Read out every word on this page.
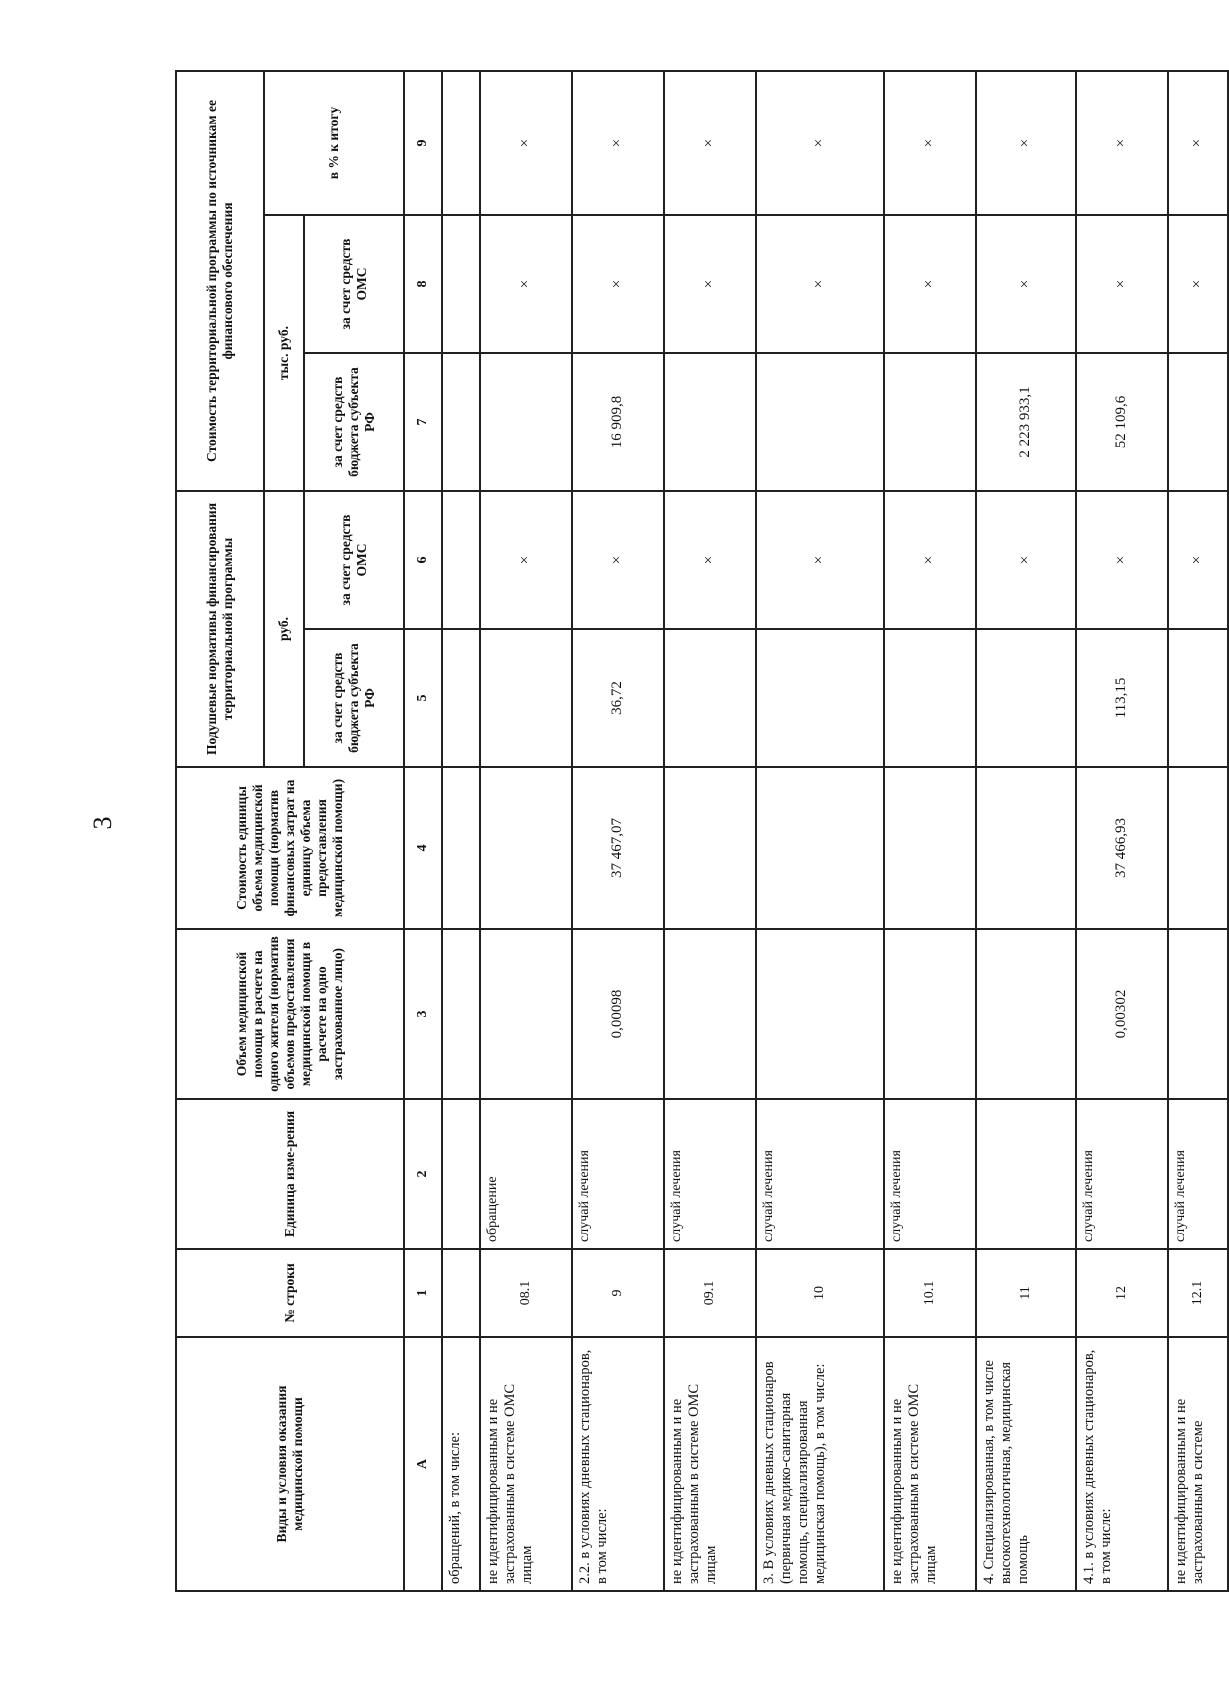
3
Виды и условия оказания медицинской помощи	№ строки	Единица изме-рения	Объем медицинской помощи в расчете на одного жителя (норматив объемов предоставления медицинской помощи в расчете на одно застрахованное лицо)	Стоимость единицы объема медицинской помощи (норматив финансовых затрат на единицу объема предоставления медицинской помощи)	Подушевые нормативы финансирования территориальной программы		Стоимость территориальной программы по источникам ее финансового обеспечения		
					руб.		тыс. руб.		в % к итогу
					за счет средств бюджета субъекта РФ	за счет средств ОМС	за счет средств бюджета субъекта РФ	за счет средств ОМС	
А	1	2	3	4	5	6	7	8	9
обращений, в том числе:									
не идентифицированным и не застрахованным в системе ОМС лицам	08.1	обращение				×		×	×
2.2. в условиях дневных стационаров, в том числе:	9	случай лечения	0,00098	37 467,07	36,72	×	16 909,8	×	×
не идентифицированным и не застрахованным в системе ОМС лицам	09.1	случай лечения				×		×	×
3. В условиях дневных стационаров (первичная медико-санитарная помощь, специализированная медицинская помощь), в том числе:	10	случай лечения				×		×	×
не идентифицированным и не застрахованным в системе ОМС лицам	10.1	случай лечения				×		×	×
4. Специализированная, в том числе высокотехнологичная, медицинская помощь	11					×	2 223 933,1	×	×
4.1. в условиях дневных стационаров, в том числе:	12	случай лечения	0,00302	37 466,93	113,15	×	52 109,6	×	×
не идентифицированным и не застрахованным в системе	12.1	случай лечения				×		×	×
